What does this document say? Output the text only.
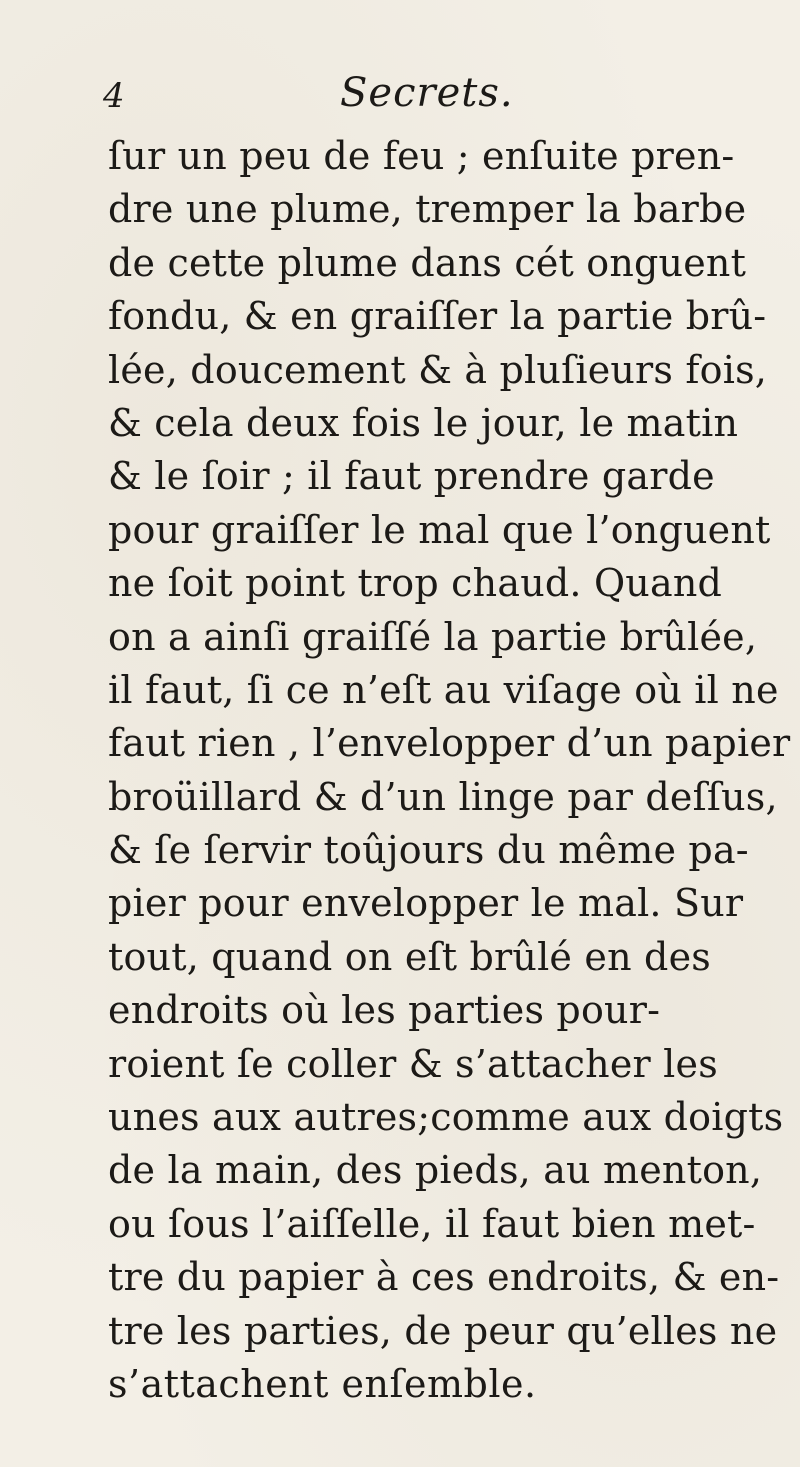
4	Secrets.
ſur un peu de feu ; enſuite pren-
dre une plume, tremper la barbe
de cette plume dans cét onguent
fondu, & en graiſſer la partie brû-
lée, doucement & à pluſieurs fois,
& cela deux fois le jour, le matin
& le ſoir ; il faut prendre garde
pour graiſſer le mal que l’onguent
ne ſoit point trop chaud. Quand
on a ainſi graiſſé la partie brûlée,
il faut, ſi ce n’eſt au viſage où il ne
faut rien , l’envelopper d’un papier
broüillard & d’un linge par deſſus,
& ſe ſervir toûjours du même pa-
pier pour envelopper le mal. Sur
tout, quand on eſt brûlé en des
endroits où les parties pour-
roient ſe coller & s’attacher les
unes aux autres;comme aux doigts
de la main, des pieds, au menton,
ou ſous l’aiſſelle, il faut bien met-
tre du papier à ces endroits, & en-
tre les parties, de peur qu’elles ne
s’attachent enſemble.
